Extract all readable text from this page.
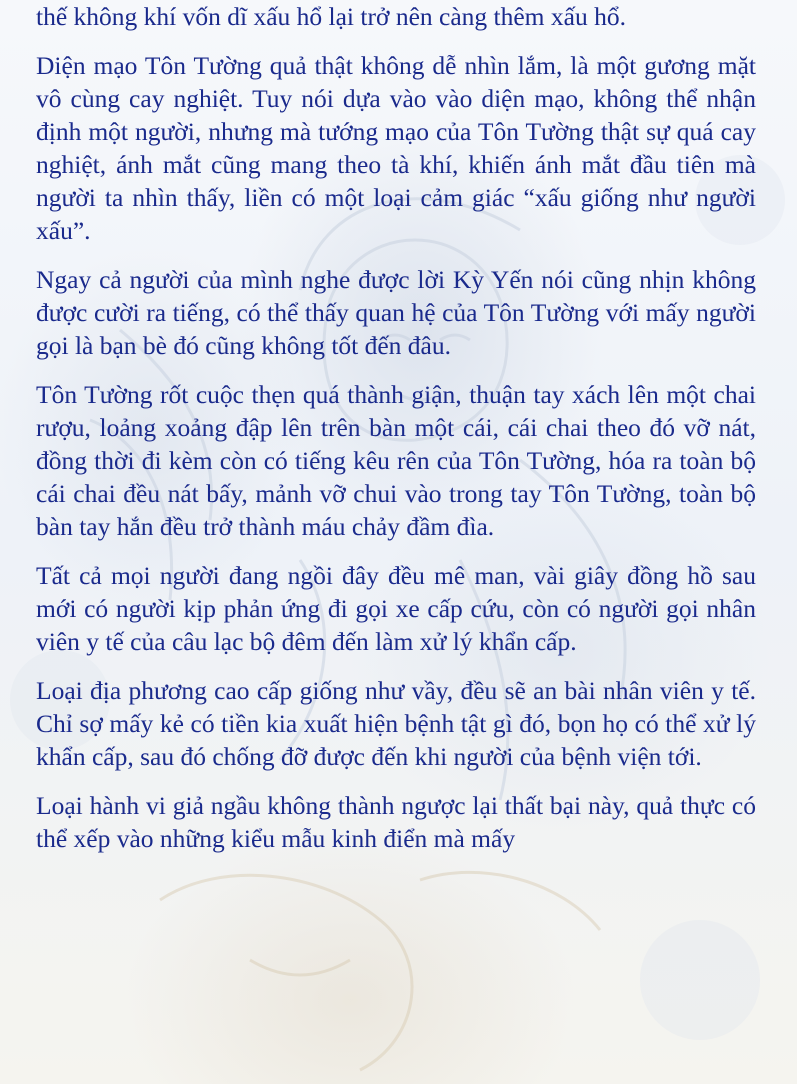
thế không khí vốn dĩ xấu hổ lại trở nên càng thêm xấu hổ.

Diện mạo Tôn Tường quả thật không dễ nhìn lắm, là một gương mặt vô cùng cay nghiệt. Tuy nói dựa vào vào diện mạo, không thể nhận định một người, nhưng mà tướng mạo của Tôn Tường thật sự quá cay nghiệt, ánh mắt cũng mang theo tà khí, khiến ánh mắt đầu tiên mà người ta nhìn thấy, liền có một loại cảm giác “xấu giống như người xấu”.

Ngay cả người của mình nghe được lời Kỳ Yến nói cũng nhịn không được cười ra tiếng, có thể thấy quan hệ của Tôn Tường với mấy người gọi là bạn bè đó cũng không tốt đến đâu.

Tôn Tường rốt cuộc thẹn quá thành giận, thuận tay xách lên một chai rượu, loảng xoảng đập lên trên bàn một cái, cái chai theo đó vỡ nát, đồng thời đi kèm còn có tiếng kêu rên của Tôn Tường, hóa ra toàn bộ cái chai đều nát bấy, mảnh vỡ chui vào trong tay Tôn Tường, toàn bộ bàn tay hắn đều trở thành máu chảy đầm đìa.

Tất cả mọi người đang ngồi đây đều mê man, vài giây đồng hồ sau mới có người kịp phản ứng đi gọi xe cấp cứu, còn có người gọi nhân viên y tế của câu lạc bộ đêm đến làm xử lý khẩn cấp.

Loại địa phương cao cấp giống như vầy, đều sẽ an bài nhân viên y tế. Chỉ sợ mấy kẻ có tiền kia xuất hiện bệnh tật gì đó, bọn họ có thể xử lý khẩn cấp, sau đó chống đỡ được đến khi người của bệnh viện tới.

Loại hành vi giả ngầu không thành ngược lại thất bại này, quả thực có thể xếp vào những kiểu mẫu kinh điển mà mấy
